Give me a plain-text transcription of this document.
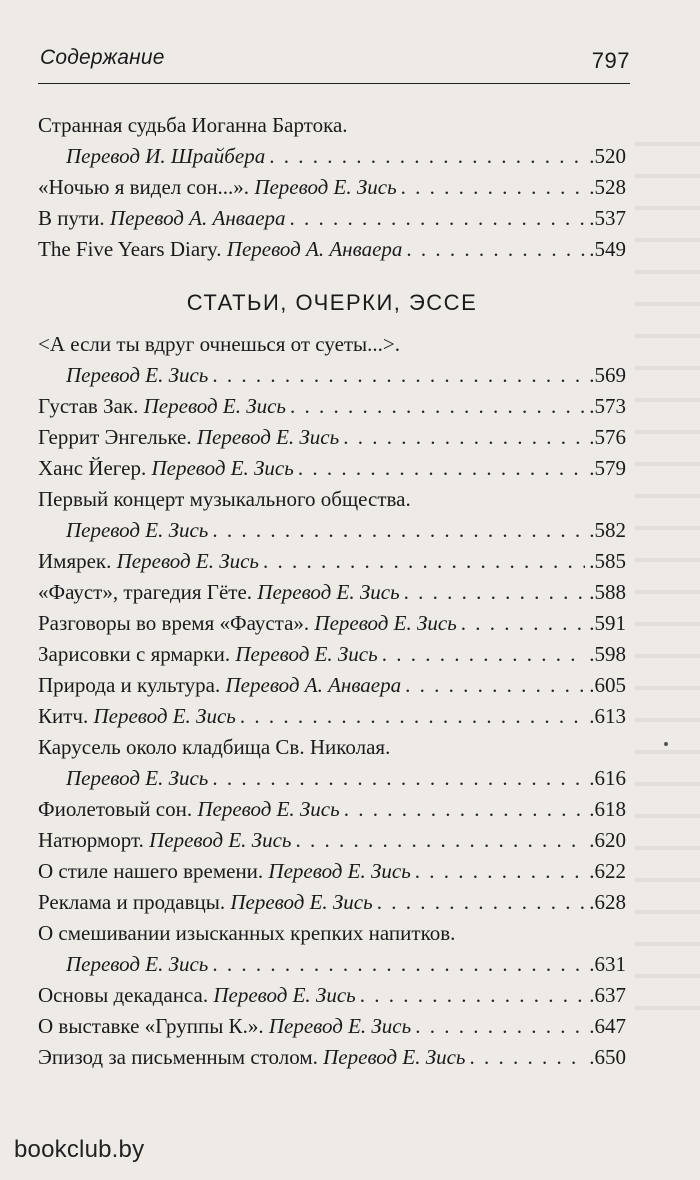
Содержание	797
Странная судьба Иоганна Бартока.
Перевод И. Шрайбера . . .	.520
«Ночью я видел сон...». Перевод Е. Зись . . .	.528
В пути. Перевод А. Анваера . . .	.537
The Five Years Diary. Перевод А. Анваера . . .	.549
СТАТЬИ, ОЧЕРКИ, ЭССЕ
<А если ты вдруг очнешься от суеты...>.
Перевод Е. Зись . . .	.569
Густав Зак. Перевод Е. Зись . . .	.573
Геррит Энгельке. Перевод Е. Зись . . .	.576
Ханс Йегер. Перевод Е. Зись . . .	.579
Первый концерт музыкального общества.
Перевод Е. Зись . . .	.582
Имярек. Перевод Е. Зись . . .	.585
«Фауст», трагедия Гёте. Перевод Е. Зись . . .	.588
Разговоры во время «Фауста». Перевод Е. Зись . . .	.591
Зарисовки с ярмарки. Перевод Е. Зись . . .	.598
Природа и культура. Перевод А. Анваера . . .	.605
Китч. Перевод Е. Зись . . .	.613
Карусель около кладбища Св. Николая.
Перевод Е. Зись . . .	.616
Фиолетовый сон. Перевод Е. Зись . . .	.618
Натюрморт. Перевод Е. Зись . . .	.620
О стиле нашего времени. Перевод Е. Зись . . .	.622
Реклама и продавцы. Перевод Е. Зись . . .	.628
О смешивании изысканных крепких напитков.
Перевод Е. Зись . . .	.631
Основы декаданса. Перевод Е. Зись . . .	.637
О выставке «Группы К.». Перевод Е. Зись . . .	.647
Эпизод за письменным столом. Перевод Е. Зись . . .	.650
bookclub.by
